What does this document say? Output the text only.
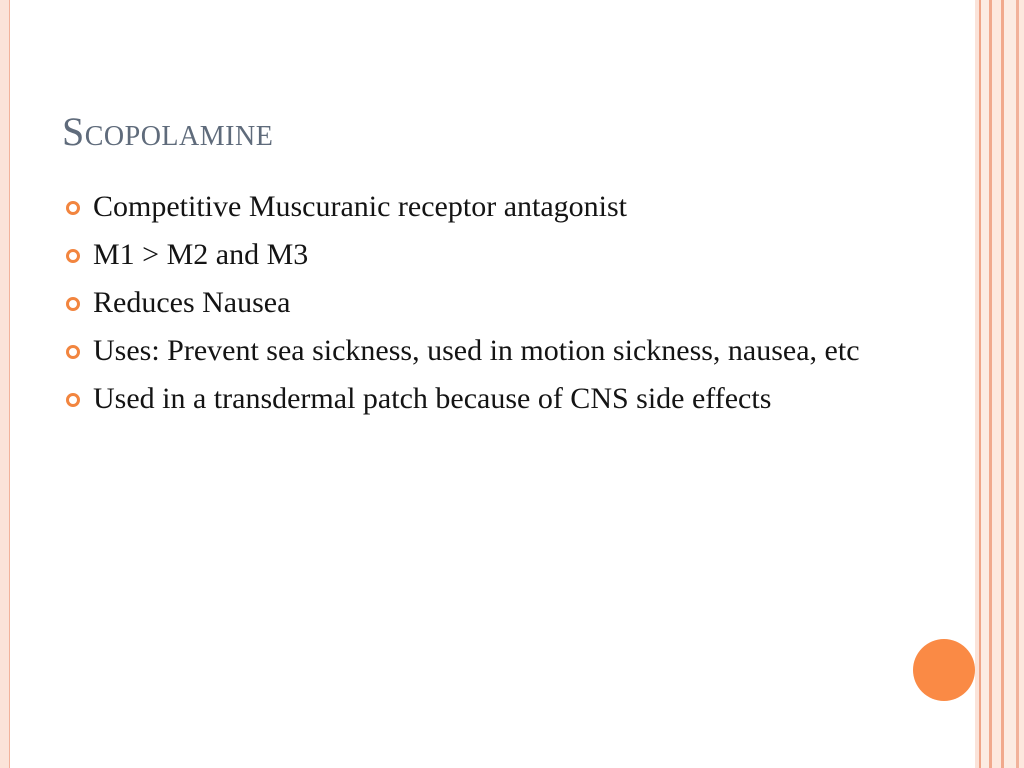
Scopolamine
Competitive Muscuranic receptor antagonist
M1 > M2 and M3
Reduces Nausea
Uses: Prevent sea sickness, used in motion sickness, nausea, etc
Used in a transdermal patch because of CNS side effects
